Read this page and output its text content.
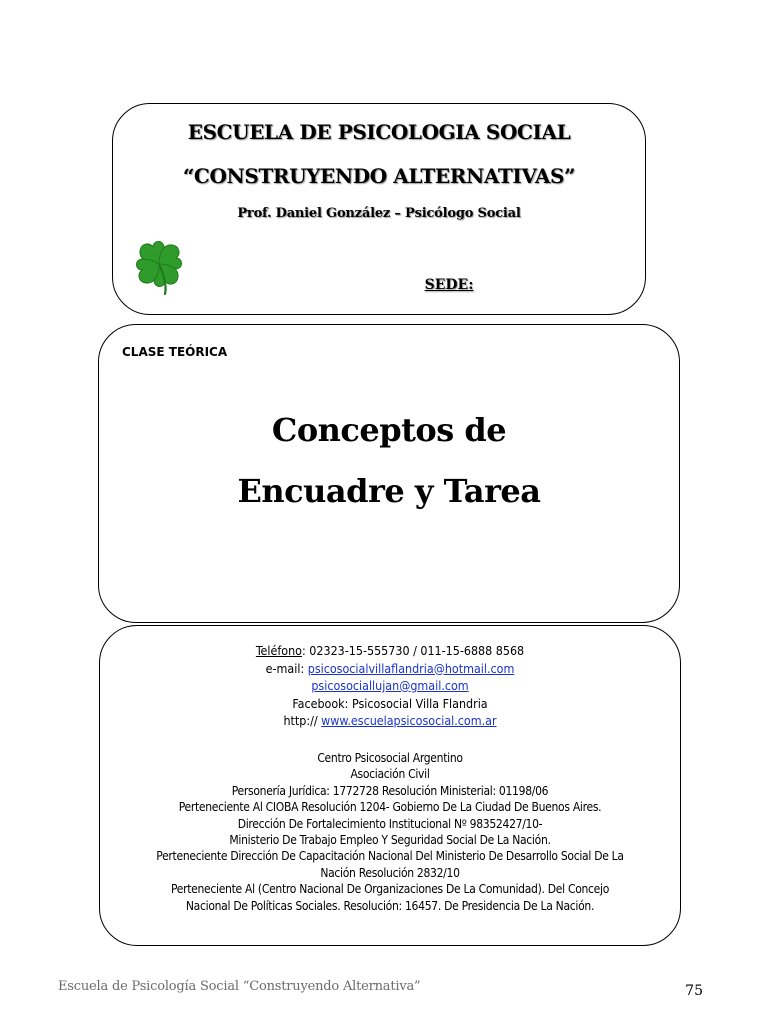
ESCUELA DE PSICOLOGIA SOCIAL
“CONSTRUYENDO ALTERNATIVAS”
Prof. Daniel González – Psicólogo Social
SEDE:
CLASE TEÓRICA
Conceptos de
Encuadre y Tarea
Teléfono: 02323-15-555730 / 011-15-6888 8568
e-mail: psicosocialvillaflandria@hotmail.com
psicosociallujan@gmail.com
Facebook: Psicosocial Villa Flandria
http:// www.escuelapsicosocial.com.ar
Centro Psicosocial Argentino
Asociación Civil
Personería Jurídica: 1772728 Resolución Ministerial: 01198/06
Perteneciente Al CIOBA Resolución 1204- Gobierno De La Ciudad De Buenos Aires.
Dirección De Fortalecimiento Institucional Nº 98352427/10-
Ministerio De Trabajo Empleo Y Seguridad Social De La Nación.
Perteneciente Dirección De Capacitación Nacional Del Ministerio De Desarrollo Social De La
Nación Resolución 2832/10
Perteneciente Al (Centro Nacional De Organizaciones De La Comunidad). Del Concejo
Nacional De Políticas Sociales. Resolución: 16457. De Presidencia De La Nación.
Escuela de Psicología Social “Construyendo Alternativa”	75
